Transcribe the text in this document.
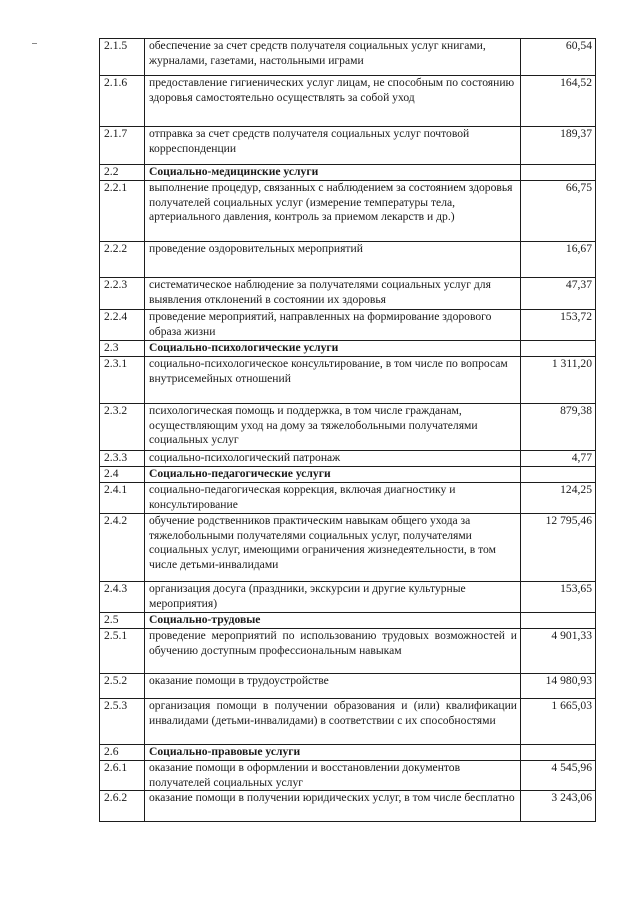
2.1.5	обеспечение за счет средств получателя социальных услуг книгами, журналами, газетами, настольными играми	60,54
2.1.6	предоставление гигиенических услуг лицам, не способным по состоянию здоровья самостоятельно осуществлять за собой уход	164,52
2.1.7	отправка за счет средств получателя социальных услуг почтовой корреспонденции	189,37
2.2	Социально-медицинские услуги	
2.2.1	выполнение процедур, связанных с наблюдением за состоянием здоровья получателей социальных услуг (измерение температуры тела, артериального давления, контроль за приемом лекарств и др.)	66,75
2.2.2	проведение оздоровительных мероприятий	16,67
2.2.3	систематическое наблюдение за получателями социальных услуг для выявления отклонений в состоянии их здоровья	47,37
2.2.4	проведение мероприятий, направленных на формирование здорового образа жизни	153,72
2.3	Социально-психологические услуги	
2.3.1	социально-психологическое консультирование, в том числе по вопросам внутрисемейных отношений	1 311,20
2.3.2	психологическая помощь и поддержка, в том числе гражданам, осуществляющим уход на дому за тяжелобольными получателями социальных услуг	879,38
2.3.3	социально-психологический патронаж	4,77
2.4	Социально-педагогические услуги	
2.4.1	социально-педагогическая коррекция, включая диагностику и консультирование	124,25
2.4.2	обучение родственников практическим навыкам общего ухода за тяжелобольными получателями социальных услуг, получателями социальных услуг, имеющими ограничения жизнедеятельности, в том числе детьми-инвалидами	12 795,46
2.4.3	организация досуга (праздники, экскурсии и другие культурные мероприятия)	153,65
2.5	Социально-трудовые	
2.5.1	проведение мероприятий по использованию трудовых возможностей и обучению доступным профессиональным навыкам	4 901,33
2.5.2	оказание помощи в трудоустройстве	14 980,93
2.5.3	организация помощи в получении образования и (или) квалификации инвалидами (детьми-инвалидами) в соответствии с их способностями	1 665,03
2.6	Социально-правовые услуги	
2.6.1	оказание помощи в оформлении и восстановлении документов получателей социальных услуг	4 545,96
2.6.2	оказание помощи в получении юридических услуг, в том числе бесплатно	3 243,06
